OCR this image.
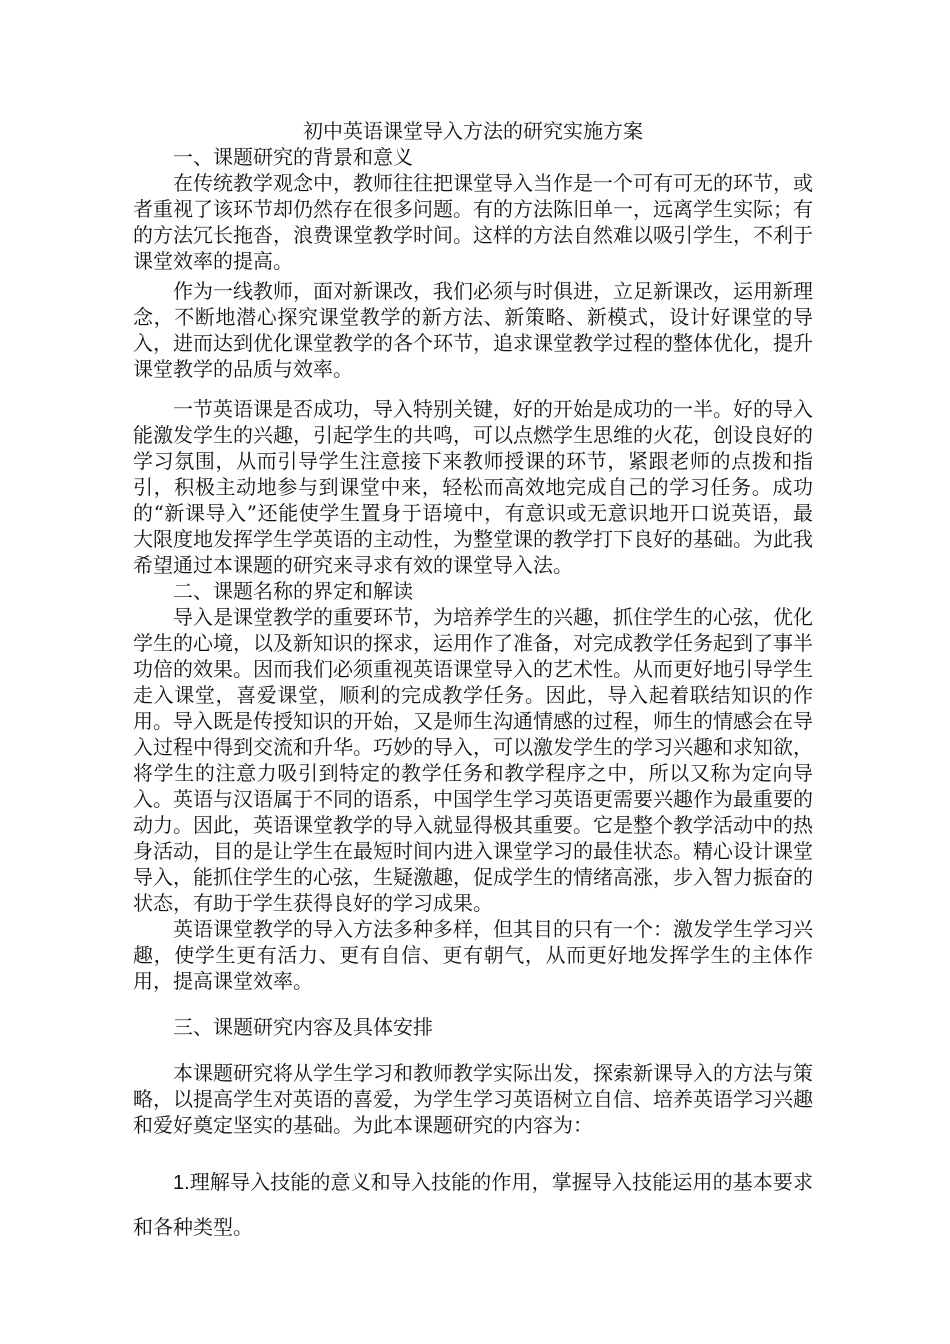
初中英语课堂导入方法的研究实施方案
一、课题研究的背景和意义

在传统教学观念中，教师往往把课堂导入当作是一个可有可无的环节，或者重视了该环节却仍然存在很多问题。有的方法陈旧单一，远离学生实际；有的方法冗长拖沓，浪费课堂教学时间。这样的方法自然难以吸引学生，不利于课堂效率的提高。

作为一线教师，面对新课改，我们必须与时俱进，立足新课改，运用新理念，不断地潜心探究课堂教学的新方法、新策略、新模式，设计好课堂的导入，进而达到优化课堂教学的各个环节，追求课堂教学过程的整体优化，提升课堂教学的品质与效率。

一节英语课是否成功，导入特别关键，好的开始是成功的一半。好的导入能激发学生的兴趣，引起学生的共鸣，可以点燃学生思维的火花，创设良好的学习氛围，从而引导学生注意接下来教师授课的环节，紧跟老师的点拨和指引，积极主动地参与到课堂中来，轻松而高效地完成自己的学习任务。成功的“新课导入”还能使学生置身于语境中，有意识或无意识地开口说英语，最大限度地发挥学生学英语的主动性，为整堂课的教学打下良好的基础。为此我希望通过本课题的研究来寻求有效的课堂导入法。

二、课题名称的界定和解读

导入是课堂教学的重要环节，为培养学生的兴趣，抓住学生的心弦，优化学生的心境，以及新知识的探求，运用作了准备，对完成教学任务起到了事半功倍的效果。因而我们必须重视英语课堂导入的艺术性。从而更好地引导学生走入课堂，喜爱课堂，顺利的完成教学任务。因此，导入起着联结知识的作用。导入既是传授知识的开始，又是师生沟通情感的过程，师生的情感会在导入过程中得到交流和升华。巧妙的导入，可以激发学生的学习兴趣和求知欲，将学生的注意力吸引到特定的教学任务和教学程序之中，所以又称为定向导入。英语与汉语属于不同的语系，中国学生学习英语更需要兴趣作为最重要的动力。因此，英语课堂教学的导入就显得极其重要。它是整个教学活动中的热身活动，目的是让学生在最短时间内进入课堂学习的最佳状态。精心设计课堂导入，能抓住学生的心弦，生疑激趣，促成学生的情绪高涨，步入智力振奋的状态，有助于学生获得良好的学习成果。

英语课堂教学的导入方法多种多样，但其目的只有一个：激发学生学习兴趣，使学生更有活力、更有自信、更有朝气，从而更好地发挥学生的主体作用，提高课堂效率。

三、课题研究内容及具体安排

本课题研究将从学生学习和教师教学实际出发，探索新课导入的方法与策略，以提高学生对英语的喜爱，为学生学习英语树立自信、培养英语学习兴趣和爱好奠定坚实的基础。为此本课题研究的内容为：

1.理解导入技能的意义和导入技能的作用，掌握导入技能运用的基本要求和各种类型。
